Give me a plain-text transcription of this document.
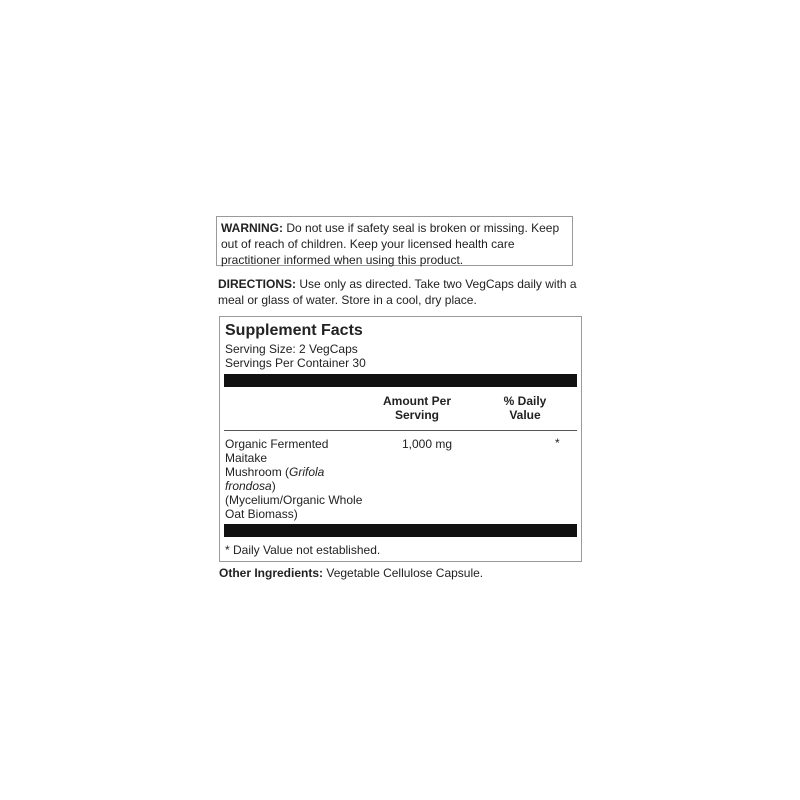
WARNING: Do not use if safety seal is broken or missing. Keep out of reach of children. Keep your licensed health care practitioner informed when using this product.
DIRECTIONS: Use only as directed. Take two VegCaps daily with a meal or glass of water. Store in a cool, dry place.
Supplement Facts
Serving Size: 2 VegCaps
Servings Per Container 30
Amount Per
Serving
% Daily
Value
Organic Fermented
Maitake
Mushroom (Grifola
frondosa)
(Mycelium/Organic Whole
Oat Biomass)
1,000 mg	*
* Daily Value not established.
Other Ingredients: Vegetable Cellulose Capsule.
